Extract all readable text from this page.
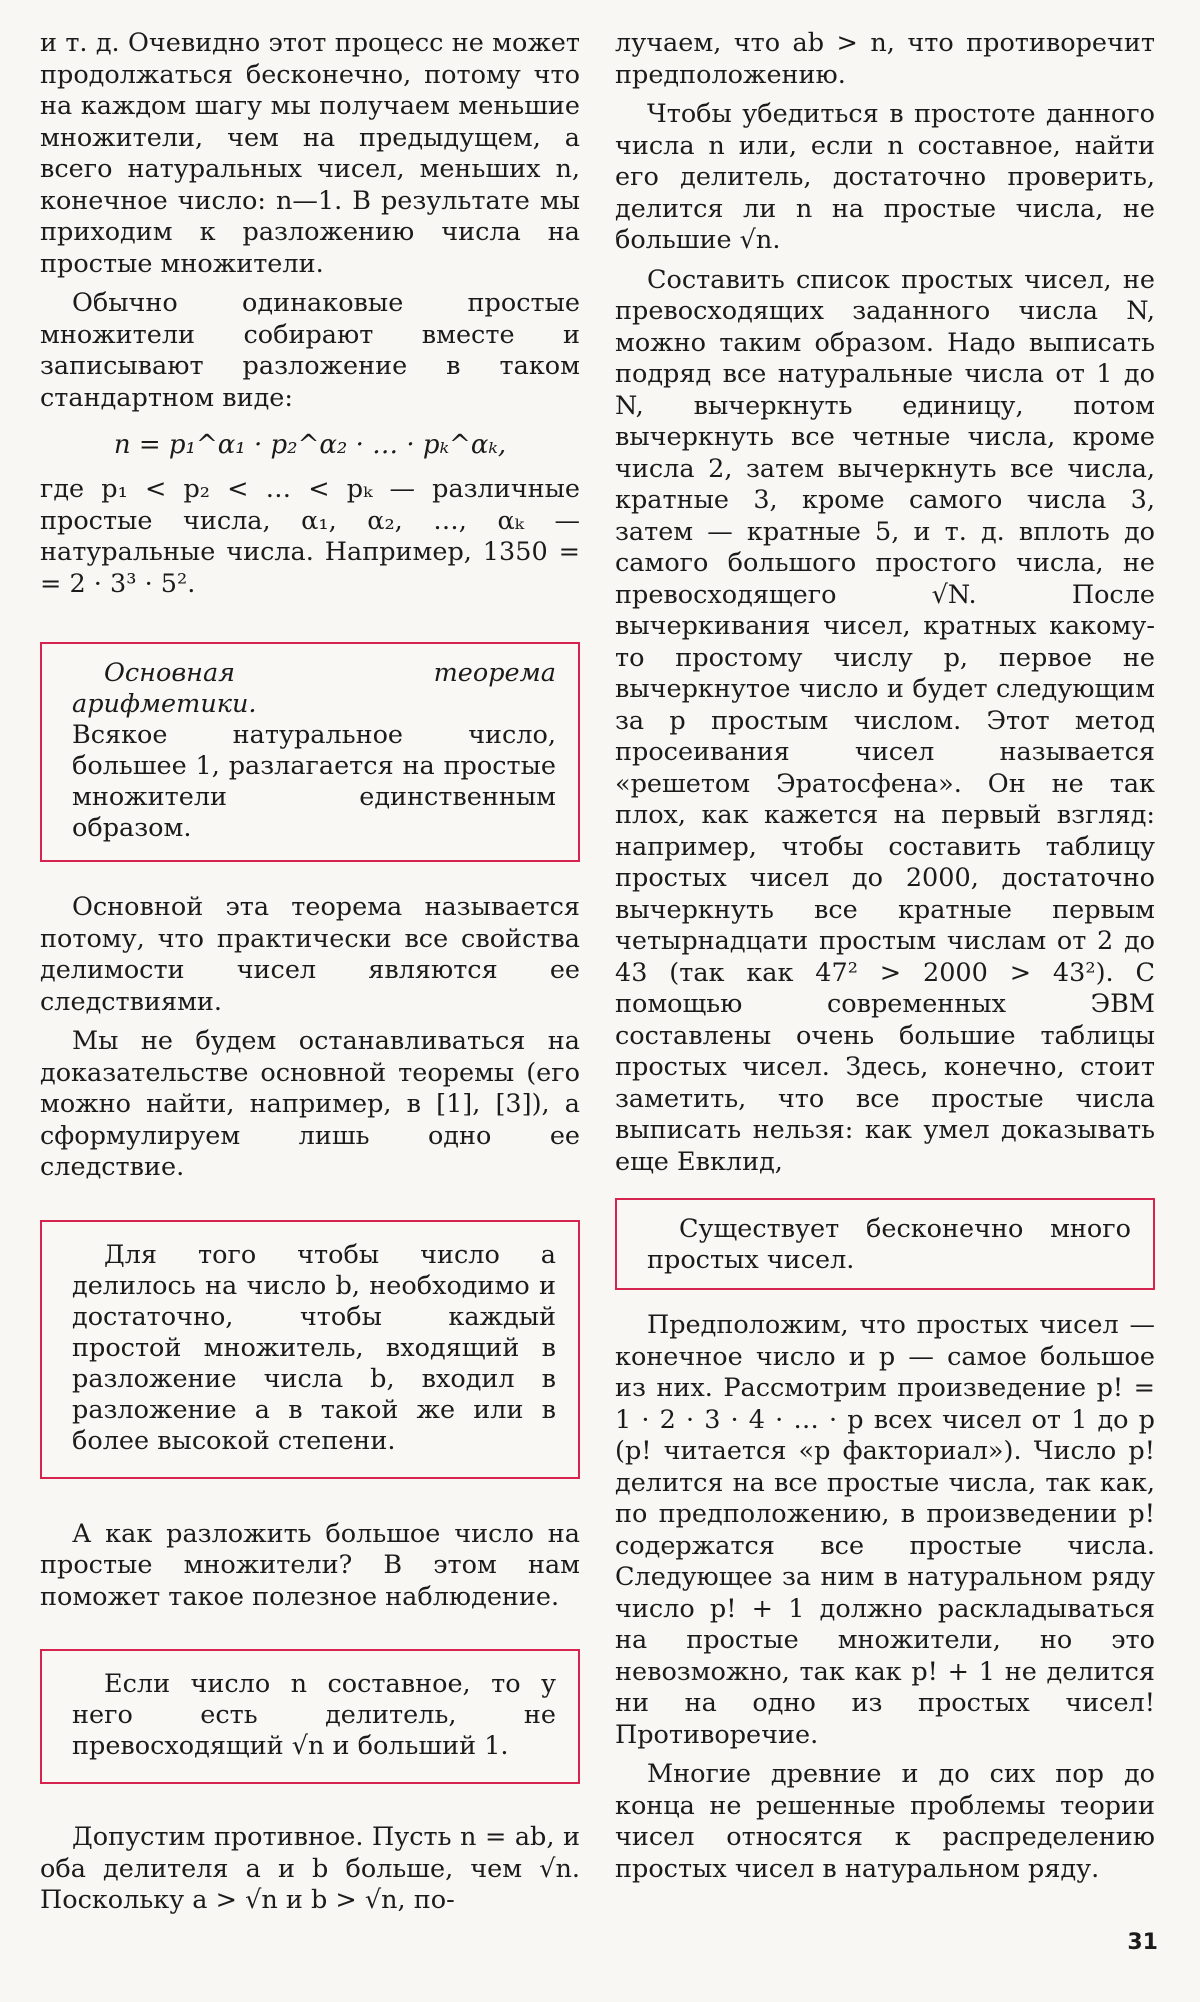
и т. д. Очевидно этот процесс не может продолжаться бесконечно, потому что на каждом шагу мы получаем меньшие множители, чем на предыдущем, а всего натуральных чисел, меньших n, конечное число: n—1. В результате мы приходим к разложению числа на простые множители.

Обычно одинаковые простые множители собирают вместе и записывают разложение в таком стандартном виде:

n = p₁^α₁ · p₂^α₂ · … · pₖ^αₖ,

где p₁ < p₂ < … < pₖ — различные простые числа, α₁, α₂, …, αₖ — натуральные числа. Например, 1350 = = 2 · 3³ · 5².

Основная теорема арифметики.

Всякое натуральное число, большее 1, разлагается на простые множители единственным образом.

Основной эта теорема называется потому, что практически все свойства делимости чисел являются ее следствиями.

Мы не будем останавливаться на доказательстве основной теоремы (его можно найти, например, в [1], [3]), а сформулируем лишь одно ее следствие.

Для того чтобы число a делилось на число b, необходимо и достаточно, чтобы каждый простой множитель, входящий в разложение числа b, входил в разложение a в такой же или в более высокой степени.

А как разложить большое число на простые множители? В этом нам поможет такое полезное наблюдение.

Если число n составное, то у него есть делитель, не превосходящий √n и больший 1.

Допустим противное. Пусть n = ab, и оба делителя a и b больше, чем √n. Поскольку a > √n и b > √n, по-

лучаем, что ab > n, что противоречит предположению.

Чтобы убедиться в простоте данного числа n или, если n составное, найти его делитель, достаточно проверить, делится ли n на простые числа, не большие √n.

Составить список простых чисел, не превосходящих заданного числа N, можно таким образом. Надо выписать подряд все натуральные числа от 1 до N, вычеркнуть единицу, потом вычеркнуть все четные числа, кроме числа 2, затем вычеркнуть все числа, кратные 3, кроме самого числа 3, затем — кратные 5, и т. д. вплоть до самого большого простого числа, не превосходящего √N. После вычеркивания чисел, кратных какому-то простому числу p, первое не вычеркнутое число и будет следующим за p простым числом. Этот метод просеивания чисел называется «решетом Эратосфена». Он не так плох, как кажется на первый взгляд: например, чтобы составить таблицу простых чисел до 2000, достаточно вычеркнуть все кратные первым четырнадцати простым числам от 2 до 43 (так как 47² > 2000 > 43²). С помощью современных ЭВМ составлены очень большие таблицы простых чисел. Здесь, конечно, стоит заметить, что все простые числа выписать нельзя: как умел доказывать еще Евклид,

Существует бесконечно много простых чисел.

Предположим, что простых чисел — конечное число и p — самое большое из них. Рассмотрим произведение p! = 1 · 2 · 3 · 4 · … · p всех чисел от 1 до p (p! читается «p факториал»). Число p! делится на все простые числа, так как, по предположению, в произведении p! содержатся все простые числа. Следующее за ним в натуральном ряду число p! + 1 должно раскладываться на простые множители, но это невозможно, так как p! + 1 не делится ни на одно из простых чисел! Противоречие.

Многие древние и до сих пор до конца не решенные проблемы теории чисел относятся к распределению простых чисел в натуральном ряду.

31
